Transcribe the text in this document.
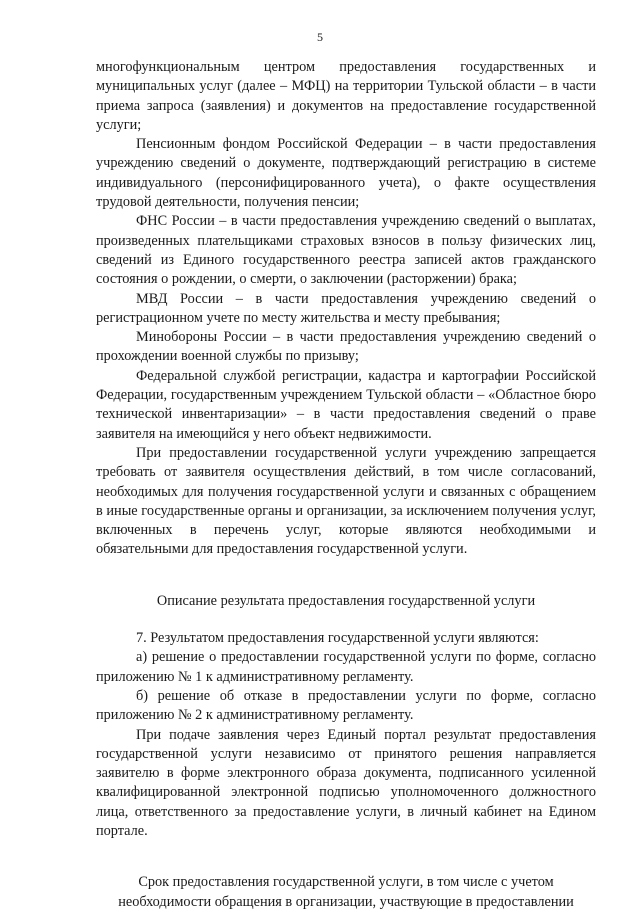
5

многофункциональным центром предоставления государственных и муниципальных услуг (далее – МФЦ) на территории Тульской области – в части приема запроса (заявления) и документов на предоставление государственной услуги;

Пенсионным фондом Российской Федерации – в части предоставления учреждению сведений о документе, подтверждающий регистрацию в системе индивидуального (персонифицированного учета), о факте осуществления трудовой деятельности, получения пенсии;

ФНС России – в части предоставления учреждению сведений о выплатах, произведенных плательщиками страховых взносов в пользу физических лиц, сведений из Единого государственного реестра записей актов гражданского состояния о рождении, о смерти, о заключении (расторжении) брака;

МВД России – в части предоставления учреждению сведений о регистрационном учете по месту жительства и месту пребывания;

Минобороны России – в части предоставления учреждению сведений о прохождении военной службы по призыву;

Федеральной службой регистрации, кадастра и картографии Российской Федерации, государственным учреждением Тульской области – «Областное бюро технической инвентаризации» – в части предоставления сведений о праве заявителя на имеющийся у него объект недвижимости.

При предоставлении государственной услуги учреждению запрещается требовать от заявителя осуществления действий, в том числе согласований, необходимых для получения государственной услуги и связанных с обращением в иные государственные органы и организации, за исключением получения услуг, включенных в перечень услуг, которые являются необходимыми и обязательными для предоставления государственной услуги.

Описание результата предоставления государственной услуги

7. Результатом предоставления государственной услуги являются:

а) решение о предоставлении государственной услуги по форме, согласно приложению № 1 к административному регламенту.

б) решение об отказе в предоставлении услуги по форме, согласно приложению № 2 к административному регламенту.

При подаче заявления через Единый портал результат предоставления государственной услуги независимо от принятого решения направляется заявителю в форме электронного образа документа, подписанного усиленной квалифицированной электронной подписью уполномоченного должностного лица, ответственного за предоставление услуги, в личный кабинет на Едином портале.

Срок предоставления государственной услуги, в том числе с учетом

необходимости обращения в организации, участвующие в предоставлении
